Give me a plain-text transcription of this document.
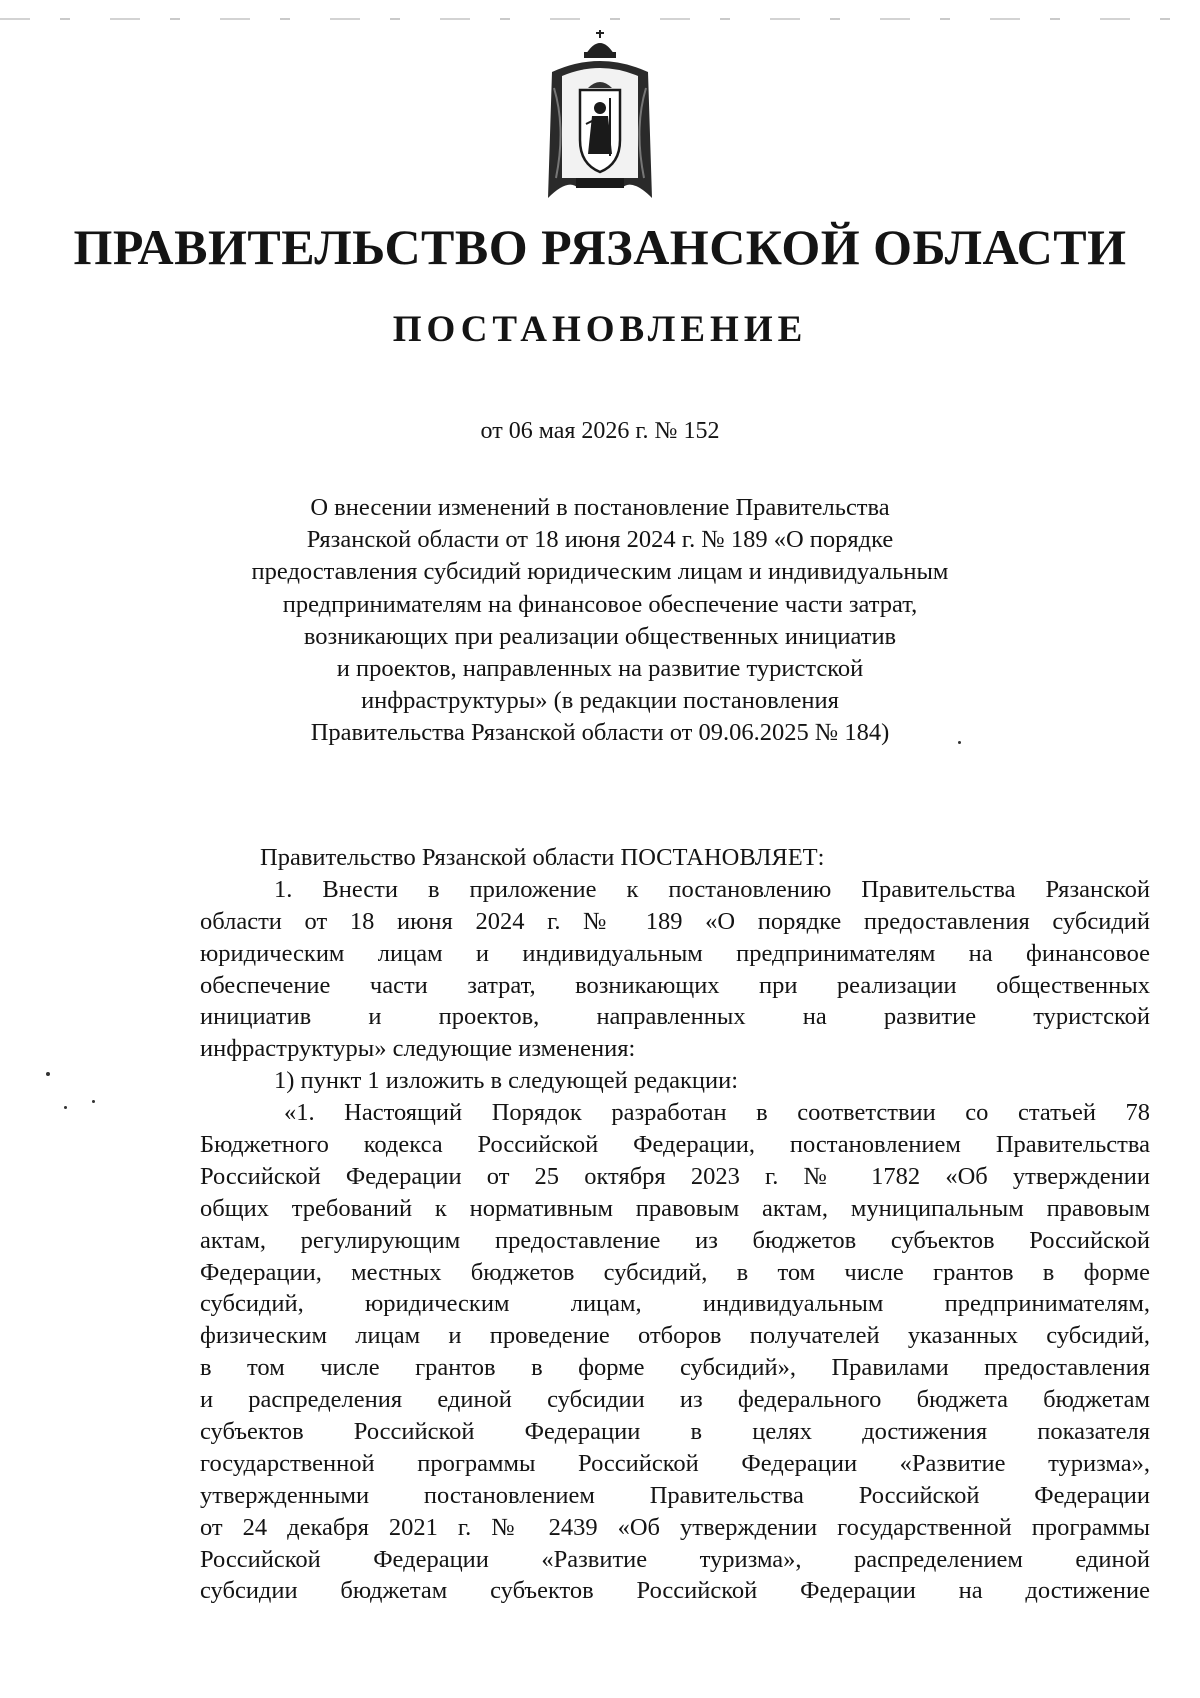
ПРАВИТЕЛЬСТВО РЯЗАНСКОЙ ОБЛАСТИ
ПОСТАНОВЛЕНИЕ
от 06 мая 2026 г. № 152
О внесении изменений в постановление Правительства
Рязанской области от 18 июня 2024 г. № 189 «О порядке
предоставления субсидий юридическим лицам и индивидуальным
предпринимателям на финансовое обеспечение части затрат,
возникающих при реализации общественных инициатив
и проектов, направленных на развитие туристской
инфраструктуры» (в редакции постановления
Правительства Рязанской области от 09.06.2025 № 184)
Правительство Рязанской области ПОСТАНОВЛЯЕТ:
1. Внести в приложение к постановлению Правительства Рязанской
области от 18 июня 2024 г. № 189 «О порядке предоставления субсидий
юридическим лицам и индивидуальным предпринимателям на финансовое
обеспечение части затрат, возникающих при реализации общественных
инициатив и проектов, направленных на развитие туристской
инфраструктуры» следующие изменения:
1) пункт 1 изложить в следующей редакции:
«1. Настоящий Порядок разработан в соответствии со статьей 78
Бюджетного кодекса Российской Федерации, постановлением Правительства
Российской Федерации от 25 октября 2023 г. № 1782 «Об утверждении
общих требований к нормативным правовым актам, муниципальным правовым
актам, регулирующим предоставление из бюджетов субъектов Российской
Федерации, местных бюджетов субсидий, в том числе грантов в форме
субсидий, юридическим лицам, индивидуальным предпринимателям,
физическим лицам и проведение отборов получателей указанных субсидий,
в том числе грантов в форме субсидий», Правилами предоставления
и распределения единой субсидии из федерального бюджета бюджетам
субъектов Российской Федерации в целях достижения показателя
государственной программы Российской Федерации «Развитие туризма»,
утвержденными постановлением Правительства Российской Федерации
от 24 декабря 2021 г. № 2439 «Об утверждении государственной программы
Российской Федерации «Развитие туризма», распределением единой
субсидии бюджетам субъектов Российской Федерации на достижение
